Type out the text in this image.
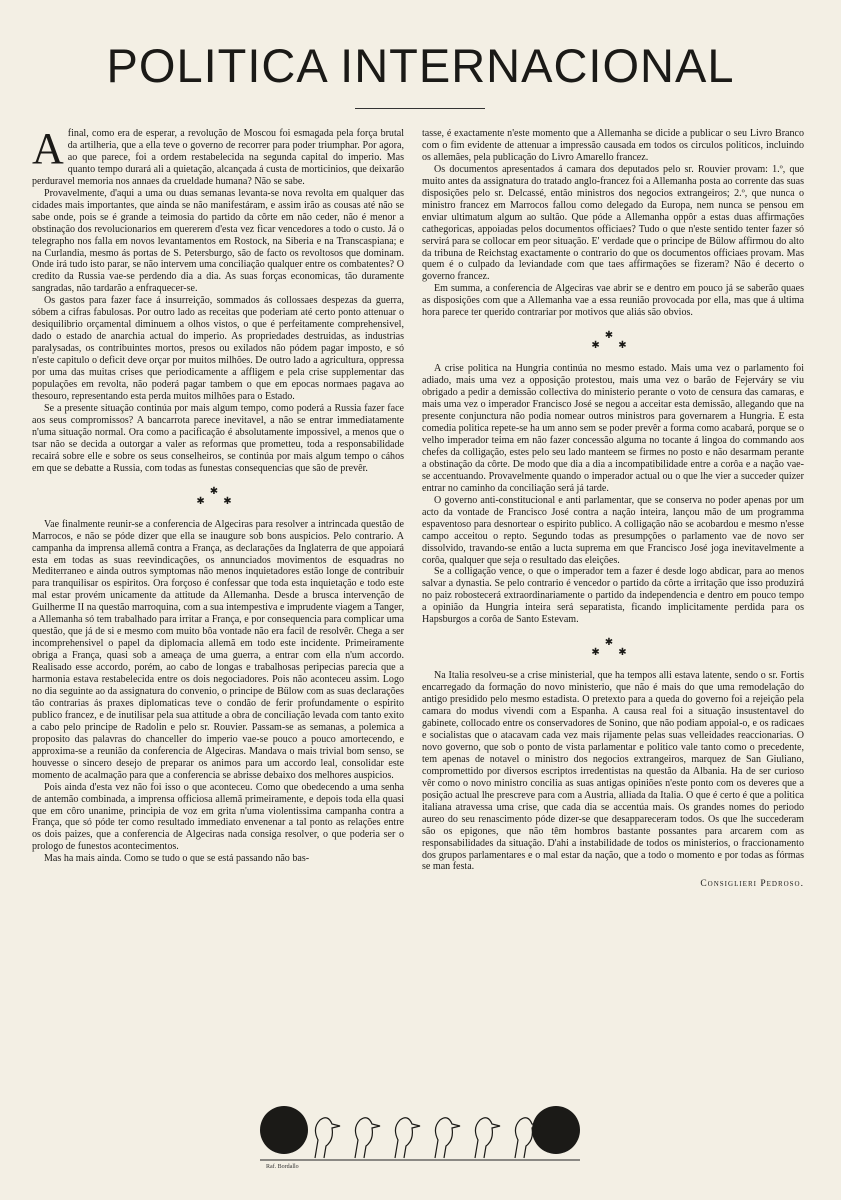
POLITICA INTERNACIONAL

Afinal, como era de esperar, a revolução de Moscou foi esmagada pela força brutal da artilheria, que a ella teve o governo de recorrer para poder triumphar. Por agora, ao que parece, foi a ordem restabelecida na segunda capital do imperio. Mas quanto tempo durará ali a quietação, alcançada á custa de morticinios, que deixarão perduravel memoria nos annaes da crueldade humana? Não se sabe.

Provavelmente, d'aqui a uma ou duas semanas levanta-se nova revolta em qualquer das cidades mais importantes, que ainda se não manifestáram, e assim irão as cousas até não se sabe onde, pois se é grande a teimosia do partido da côrte em não ceder, não é menor a obstinação dos revolucionarios em quererem d'esta vez ficar vencedores a todo o custo. Já o telegrapho nos falla em novos levantamentos em Rostock, na Siberia e na Transcaspiana; e na Curlandia, mesmo ás portas de S. Petersburgo, são de facto os revoltosos que dominam. Onde irá tudo isto parar, se não intervem uma conciliação qualquer entre os combatentes? O credito da Russia vae-se perdendo dia a dia. As suas forças economicas, tão duramente sangradas, não tardarão a enfraquecer-se.

Os gastos para fazer face á insurreição, sommados ás collossaes despezas da guerra, sóbem a cifras fabulosas. Por outro lado as receitas que poderiam até certo ponto attenuar o desiquilibrio orçamental diminuem a olhos vistos, o que é perfeitamente comprehensivel, dado o estado de anarchia actual do imperio. As propriedades destruidas, as industrias paralysadas, os contribuintes mortos, presos ou exilados não pódem pagar imposto, e só n'este capitulo o deficit deve orçar por muitos milhões. De outro lado a agricultura, oppressa por uma das muitas crises que periodicamente a affligem e pela crise supplementar das populações em revolta, não poderá pagar tambem o que em epocas normaes pagava ao thesouro, representando esta perda muitos milhões para o Estado.

Se a presente situação continúa por mais algum tempo, como poderá a Russia fazer face aos seus compromissos? A bancarrota parece inevitavel, a não se entrar immediatamente n'uma situação normal. Ora como a pacificação é absolutamente impossivel, a menos que o tsar não se decida a outorgar a valer as reformas que prometteu, toda a responsabilidade recairá sobre elle e sobre os seus conselheiros, se continúa por mais algum tempo o cáhos em que se debatte a Russia, com todas as funestas consequencias que são de prevêr.

✱
✱ ✱

Vae finalmente reunir-se a conferencia de Algeciras para resolver a intrincada questão de Marrocos, e não se póde dizer que ella se inaugure sob bons auspicios. Pelo contrario. A campanha da imprensa allemã contra a França, as declarações da Inglaterra de que appoiará esta em todas as suas reevindicações, os annunciados movimentos de esquadras no Mediterraneo e ainda outros symptomas não menos inquietadores estão longe de contribuir para tranquilisar os espiritos. Ora forçoso é confessar que toda esta inquietação e todo este mal estar provém unicamente da attitude da Allemanha. Desde a brusca intervenção de Guilherme II na questão marroquina, com a sua intempestiva e imprudente viagem a Tanger, a Allemanha só tem trabalhado para irritar a França, e por consequencia para complicar uma questão, que já de si e mesmo com muito bôa vontade não era facil de resolvêr. Chega a ser incomprehensivel o papel da diplomacia allemã em todo este incidente. Primeiramente obriga a França, quasi sob a ameaça de uma guerra, a entrar com ella n'um accordo. Realisado esse accordo, porém, ao cabo de longas e trabalhosas peripecias parecia que a harmonia estava restabelecida entre os dois negociadores. Pois não aconteceu assim. Logo no dia seguinte ao da assignatura do convenio, o principe de Bülow com as suas declarações tão contrarias ás praxes diplomaticas teve o condão de ferir profundamente o espirito publico francez, e de inutilisar pela sua attitude a obra de conciliação levada com tanto exito a cabo pelo principe de Radolin e pelo sr. Rouvier. Passam-se as semanas, a polemica a proposito das palavras do chanceller do imperio vae-se pouco a pouco amortecendo, e approxima-se a reunião da conferencia de Algeciras. Mandava o mais trivial bom senso, se houvesse o sincero desejo de preparar os animos para um accordo leal, consolidar este momento de acalmação para que a conferencia se abrisse debaixo dos melhores auspicios.

Pois ainda d'esta vez não foi isso o que aconteceu. Como que obedecendo a uma senha de antemão combinada, a imprensa officiosa allemã primeiramente, e depois toda ella quasi que em côro unanime, principia de voz em grita n'uma violentissima campanha contra a França, que só póde ter como resultado immediato envenenar a tal ponto as relações entre os dois paizes, que a conferencia de Algeciras nada consiga resolver, o que poderia ser o prologo de funestos acontecimentos.

Mas ha mais ainda. Como se tudo o que se está passando não bas-

tasse, é exactamente n'este momento que a Allemanha se dicide a publicar o seu Livro Branco com o fim evidente de attenuar a impressão causada em todos os circulos politicos, incluindo os allemães, pela publicação do Livro Amarello francez.

Os documentos apresentados á camara dos deputados pelo sr. Rouvier provam: 1.º, que muito antes da assignatura do tratado anglo-francez foi a Allemanha posta ao corrente das suas disposições pelo sr. Delcassé, então ministros dos negocios extrangeiros; 2.º, que nunca o ministro francez em Marrocos fallou como delegado da Europa, nem nunca se pensou em enviar ultimatum algum ao sultão. Que póde a Allemanha oppôr a estas duas affirmações cathegoricas, appoiadas pelos documentos officiaes? Tudo o que n'este sentido tenter fazer só servirá para se collocar em peor situação. E' verdade que o principe de Bülow affirmou do alto da tribuna de Reichstag exactamente o contrario do que os documentos officiaes provam. Mas quem é o culpado da leviandade com que taes affirmações se fizeram? Não é decerto o governo francez.

Em summa, a conferencia de Algeciras vae abrir se e dentro em pouco já se saberão quaes as disposições com que a Allemanha vae a essa reunião provocada por ella, mas que á ultima hora parece ter querido contrariar por motivos que aliás são obvios.

✱
✱ ✱

A crise politica na Hungria continúa no mesmo estado. Mais uma vez o parlamento foi adiado, mais uma vez a opposição protestou, mais uma vez o barão de Fejerváry se viu obrigado a pedir a demissão collectiva do ministerio perante o voto de censura das camaras, e mais uma vez o imperador Francisco José se negou a acceitar esta demissão, allegando que na presente conjunctura não podia nomear outros ministros para governarem a Hungria. E esta comedia politica repete-se ha um anno sem se poder prevêr a forma como acabará, porque se o velho imperador teima em não fazer concessão alguma no tocante á lingoa do commando aos chefes da colligação, estes pelo seu lado manteem se firmes no posto e não desarmam perante a obstinação da côrte. De modo que dia a dia a incompatibilidade entre a corôa e a nação vae-se accentuando. Provavelmente quando o imperador actual ou o que lhe vier a succeder quizer entrar no caminho da conciliação será já tarde.

O governo anti-constitucional e anti parlamentar, que se conserva no poder apenas por um acto da vontade de Francisco José contra a nação inteira, lançou mão de um programma espaventoso para desnortear o espirito publico. A colligação não se acobardou e mesmo n'esse campo acceitou o repto. Segundo todas as presumpções o parlamento vae de novo ser dissolvido, travando-se então a lucta suprema em que Francisco José joga inevitavelmente a corôa, qualquer que seja o resultado das eleições.

Se a colligação vence, o que o imperador tem a fazer é desde logo abdicar, para ao menos salvar a dynastia. Se pelo contrario é vencedor o partido da côrte a irritação que isso produzirá no paiz robostecerá extraordinariamente o partido da independencia e dentro em pouco tempo a opinião da Hungria inteira será separatista, ficando implicitamente perdida para os Hapsburgos a corôa de Santo Estevam.

✱
✱ ✱

Na Italia resolveu-se a crise ministerial, que ha tempos alli estava latente, sendo o sr. Fortis encarregado da formação do novo ministerio, que não é mais do que uma remodelação do antigo presidido pelo mesmo estadista. O pretexto para a queda do governo foi a rejeição pela camara do modus vivendi com a Espanha. A causa real foi a situação insustentavel do gabinete, collocado entre os conservadores de Sonino, que não podiam appoial-o, e os radicaes e socialistas que o atacavam cada vez mais rijamente pelas suas velleidades reaccionarias. O novo governo, que sob o ponto de vista parlamentar e politico vale tanto como o precedente, tem apenas de notavel o ministro dos negocios extrangeiros, marquez de San Giuliano, compromettido por diversos escriptos irredentistas na questão da Albania. Ha de ser curioso vêr como o novo ministro concilia as suas antigas opiniões n'este ponto com os deveres que a posição actual lhe prescreve para com a Austria, alliada da Italia. O que é certo é que a politica italiana atravessa uma crise, que cada dia se accentúa mais. Os grandes nomes do periodo aureo do seu renascimento póde dizer-se que desappareceram todos. Os que lhe succederam são os epigones, que não têm hombros bastante possantes para arcarem com as responsabilidades da situação. D'ahi a instabilidade de todos os ministerios, o fraccionamento dos grupos parlamentares e o mal estar da nação, que a todo o momento e por todas as fórmas se man festa.

Consiglieri Pedroso.
Raf. Bordallo
